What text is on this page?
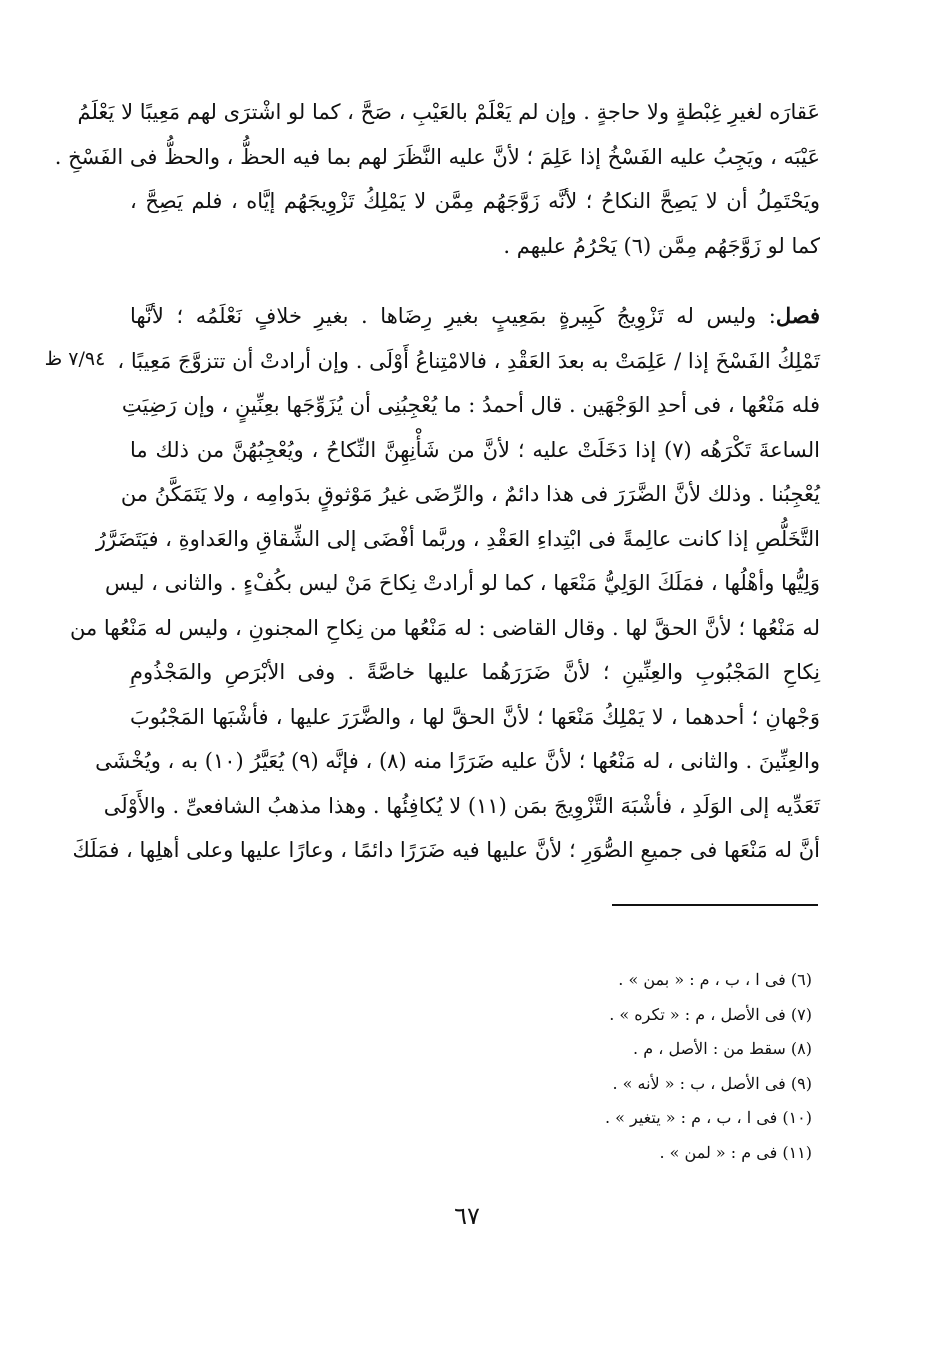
عَقارَه لغيرِ غِبْطةٍ ولا حاجةٍ . وإن لم يَعْلَمْ بالعَيْبِ ، صَحَّ ، كما لو اشْترَى لهم مَعِيبًا لا يَعْلَمُ
عَيْبَه ، ويَجِبُ عليه الفَسْخُ إذا عَلِمَ ؛ لأنَّ عليه النَّظَرَ لهم بما فيه الحظُّ ، والحظُّ فى الفَسْخِ .
ويَحْتَمِلُ أن لا يَصِحَّ النكاحُ ؛ لأنَّه زَوَّجَهُم مِمَّن لا يَمْلِكُ تَزْوِيجَهُم إيَّاه ، فلم يَصِحَّ ،
كما لو زَوَّجَهُم مِمَّن (٦) يَحْرُمُ عليهم .
فصل: وليس له تَزْوِيجُ كَبِيرةٍ بمَعِيبٍ بغيرِ رِضَاها . بغيرِ خلافٍ نَعْلَمُه ؛ لأنَّها
تَمْلِكُ الفَسْخَ إذا / عَلِمَتْ به بعدَ العَقْدِ ، فالامْتِناعُ أَوْلَى . وإن أرادتْ أن تتزوَّجَ مَعِيبًا ،
فله مَنْعُها ، فى أحدِ الوَجْهَين . قال أحمدُ : ما يُعْجِبُنِى أن يُزَوِّجَها بعِنِّينٍ ، وإن رَضِيَتِ
الساعةَ تَكْرَهُه (٧) إذا دَخَلَتْ عليه ؛ لأنَّ من شَأْنِهِنَّ النِّكاحُ ، ويُعْجِبُهُنَّ من ذلك ما
يُعْجِبُنا . وذلك لأنَّ الضَّرَرَ فى هذا دائمٌ ، والرِّضَى غيرُ مَوْثوقٍ بدَوامِه ، ولا يَتَمَكَّنُ من
التَّخَلُّصِ إذا كانت عالِمةً فى ابْتِداءِ العَقْدِ ، وربَّما أفْضَى إلى الشِّقاقِ والعَداوةِ ، فيَتَضَرَّرُ
وَلِيُّها وأهْلُها ، فمَلَكَ الوَلِيُّ مَنْعَها ، كما لو أرادتْ نِكاحَ مَنْ ليس بكُفْءٍ . والثانى ، ليس
له مَنْعُها ؛ لأنَّ الحقَّ لها . وقال القاضى : له مَنْعُها من نِكاحِ المجنونِ ، وليس له مَنْعُها من
نِكاحِ المَجْبُوبِ والعِنِّينِ ؛ لأنَّ ضَرَرَهُما عليها خاصَّةً . وفى الأبْرَصِ والمَجْذُومِ
وَجْهانِ ؛ أحدهما ، لا يَمْلِكُ مَنْعَها ؛ لأنَّ الحقَّ لها ، والضَّرَرَ عليها ، فأشْبَها المَجْبُوبَ
والعِنِّينَ . والثانى ، له مَنْعُها ؛ لأنَّ عليه ضَرَرًا منه (٨) ، فإنَّه (٩) يُعَيَّرُ (١٠) به ، ويُخْشَى
تَعَدِّيه إلى الوَلَدِ ، فأشْبَهَ التَّزْوِيجَ بمَن (١١) لا يُكافِئُها . وهذا مذهبُ الشافعىِّ . والأَوْلَى
أنَّ له مَنْعَها فى جميعِ الصُّوَرِ ؛ لأنَّ عليها فيه ضَرَرًا دائمًا ، وعارًا عليها وعلى أهلِها ، فمَلَكَ
٧/٩٤ ظ
(٦) فى ا ، ب ، م : « بمن » .
(٧) فى الأصل ، م : « تكره » .
(٨) سقط من : الأصل ، م .
(٩) فى الأصل ، ب : « لأنه » .
(١٠) فى ا ، ب ، م : « يتغير » .
(١١) فى م : « لمن » .
٦٧
